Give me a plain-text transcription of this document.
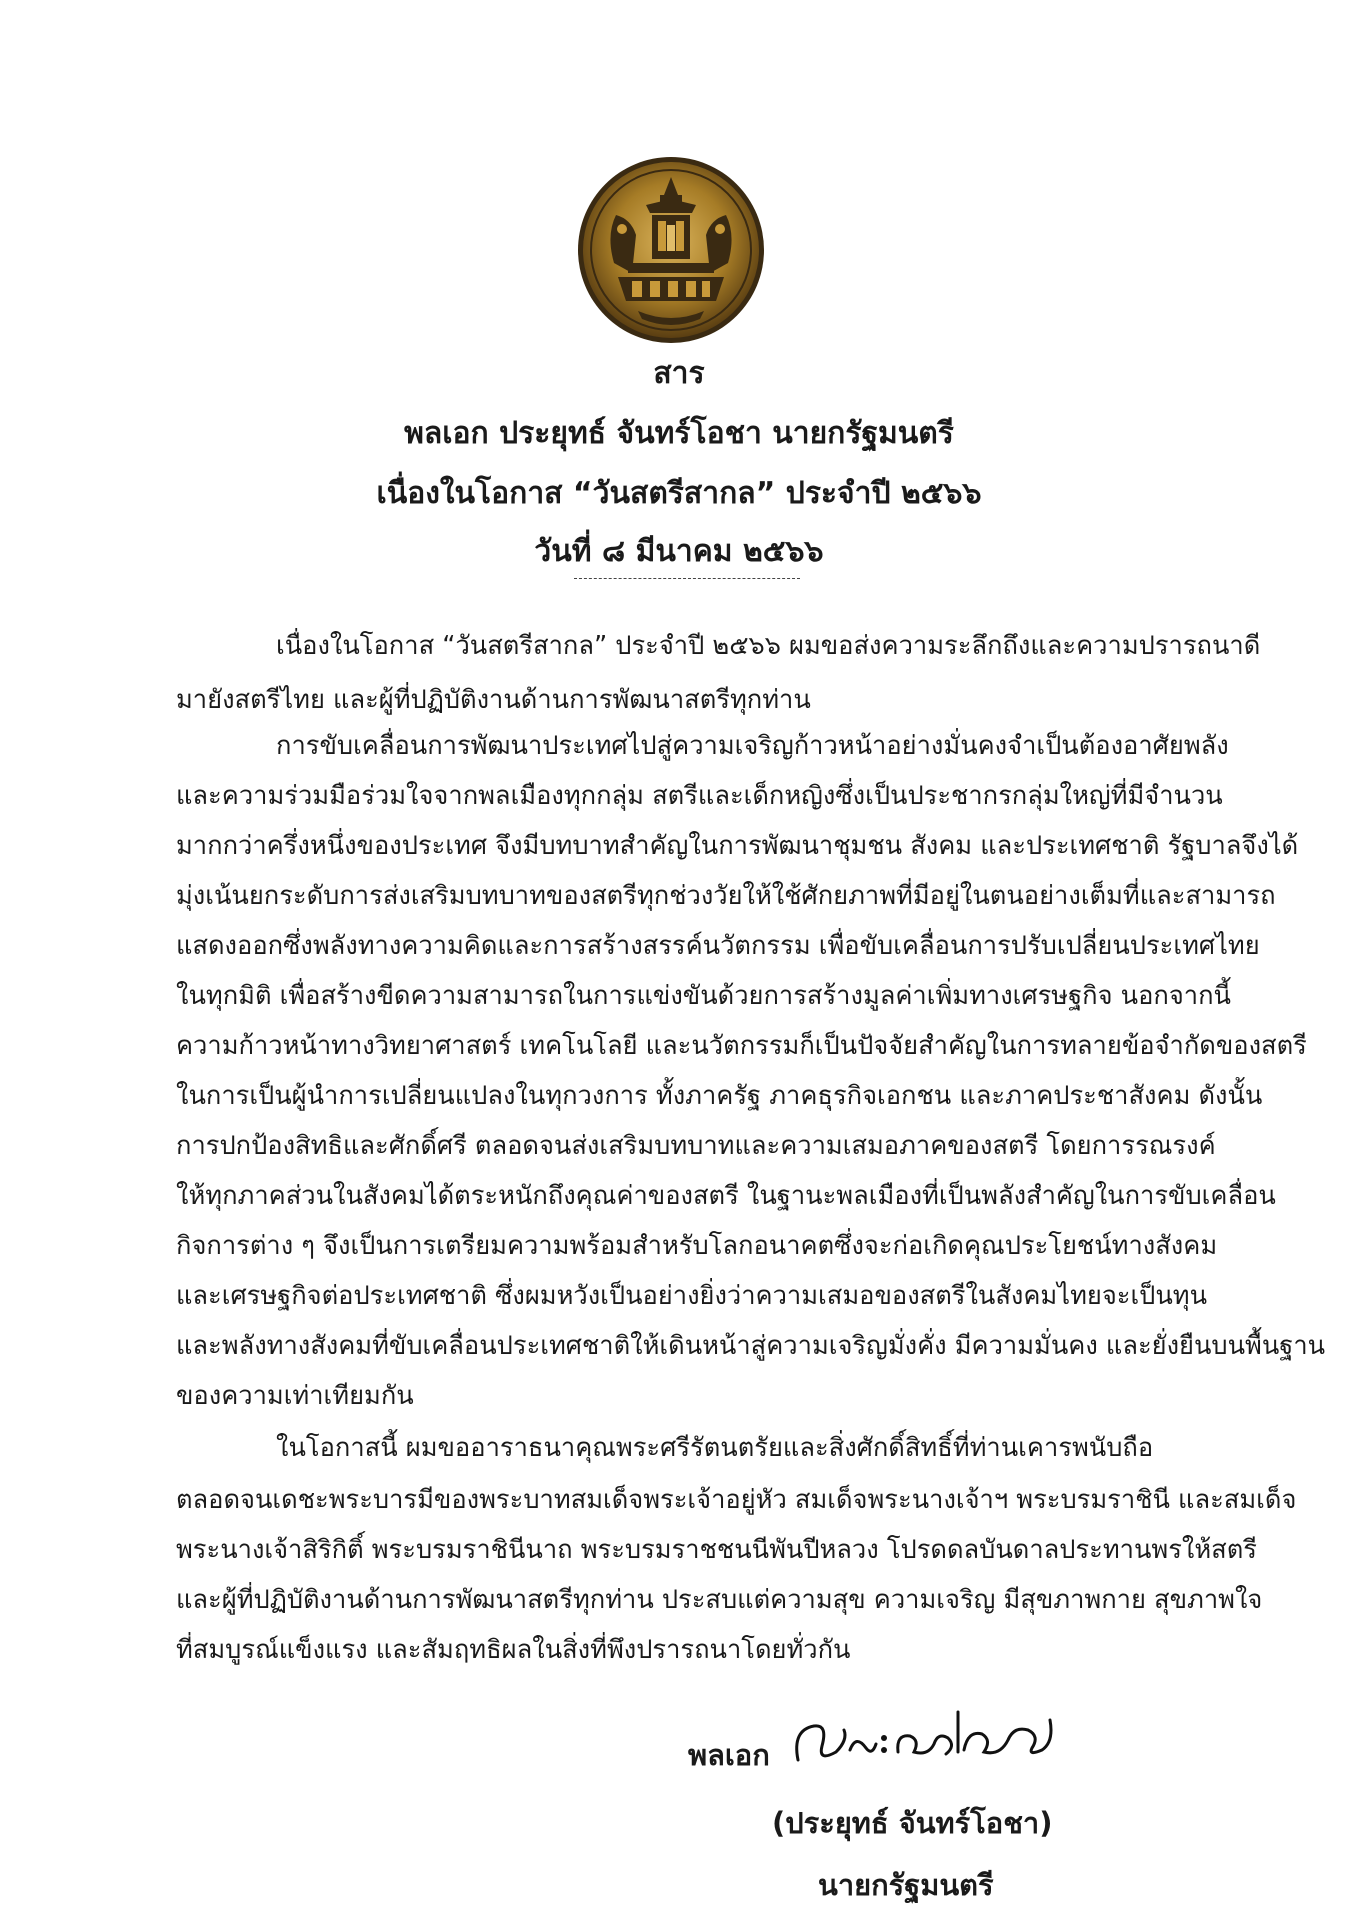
สาร
พลเอก ประยุทธ์ จันทร์โอชา นายกรัฐมนตรี
เนื่องในโอกาส “วันสตรีสากล” ประจำปี ๒๕๖๖
วันที่ ๘ มีนาคม ๒๕๖๖
เนื่องในโอกาส “วันสตรีสากล” ประจำปี ๒๕๖๖ ผมขอส่งความระลึกถึงและความปรารถนาดี
มายังสตรีไทย และผู้ที่ปฏิบัติงานด้านการพัฒนาสตรีทุกท่าน
การขับเคลื่อนการพัฒนาประเทศไปสู่ความเจริญก้าวหน้าอย่างมั่นคงจำเป็นต้องอาศัยพลัง
และความร่วมมือร่วมใจจากพลเมืองทุกกลุ่ม สตรีและเด็กหญิงซึ่งเป็นประชากรกลุ่มใหญ่ที่มีจำนวน
มากกว่าครึ่งหนึ่งของประเทศ จึงมีบทบาทสำคัญในการพัฒนาชุมชน สังคม และประเทศชาติ รัฐบาลจึงได้
มุ่งเน้นยกระดับการส่งเสริมบทบาทของสตรีทุกช่วงวัยให้ใช้ศักยภาพที่มีอยู่ในตนอย่างเต็มที่และสามารถ
แสดงออกซึ่งพลังทางความคิดและการสร้างสรรค์นวัตกรรม เพื่อขับเคลื่อนการปรับเปลี่ยนประเทศไทย
ในทุกมิติ เพื่อสร้างขีดความสามารถในการแข่งขันด้วยการสร้างมูลค่าเพิ่มทางเศรษฐกิจ นอกจากนี้
ความก้าวหน้าทางวิทยาศาสตร์ เทคโนโลยี และนวัตกรรมก็เป็นปัจจัยสำคัญในการทลายข้อจำกัดของสตรี
ในการเป็นผู้นำการเปลี่ยนแปลงในทุกวงการ ทั้งภาครัฐ ภาคธุรกิจเอกชน และภาคประชาสังคม ดังนั้น
การปกป้องสิทธิและศักดิ์ศรี ตลอดจนส่งเสริมบทบาทและความเสมอภาคของสตรี โดยการรณรงค์
ให้ทุกภาคส่วนในสังคมได้ตระหนักถึงคุณค่าของสตรี ในฐานะพลเมืองที่เป็นพลังสำคัญในการขับเคลื่อน
กิจการต่าง ๆ จึงเป็นการเตรียมความพร้อมสำหรับโลกอนาคตซึ่งจะก่อเกิดคุณประโยชน์ทางสังคม
และเศรษฐกิจต่อประเทศชาติ ซึ่งผมหวังเป็นอย่างยิ่งว่าความเสมอของสตรีในสังคมไทยจะเป็นทุน
และพลังทางสังคมที่ขับเคลื่อนประเทศชาติให้เดินหน้าสู่ความเจริญมั่งคั่ง มีความมั่นคง และยั่งยืนบนพื้นฐาน
ของความเท่าเทียมกัน
ในโอกาสนี้ ผมขออาราธนาคุณพระศรีรัตนตรัยและสิ่งศักดิ์สิทธิ์ที่ท่านเคารพนับถือ
ตลอดจนเดชะพระบารมีของพระบาทสมเด็จพระเจ้าอยู่หัว สมเด็จพระนางเจ้าฯ พระบรมราชินี และสมเด็จ
พระนางเจ้าสิริกิติ์ พระบรมราชินีนาถ พระบรมราชชนนีพันปีหลวง โปรดดลบันดาลประทานพรให้สตรี
และผู้ที่ปฏิบัติงานด้านการพัฒนาสตรีทุกท่าน ประสบแต่ความสุข ความเจริญ มีสุขภาพกาย สุขภาพใจ
ที่สมบูรณ์แข็งแรง และสัมฤทธิผลในสิ่งที่พึงปรารถนาโดยทั่วกัน
พลเอก
(ประยุทธ์ จันทร์โอชา)
นายกรัฐมนตรี
